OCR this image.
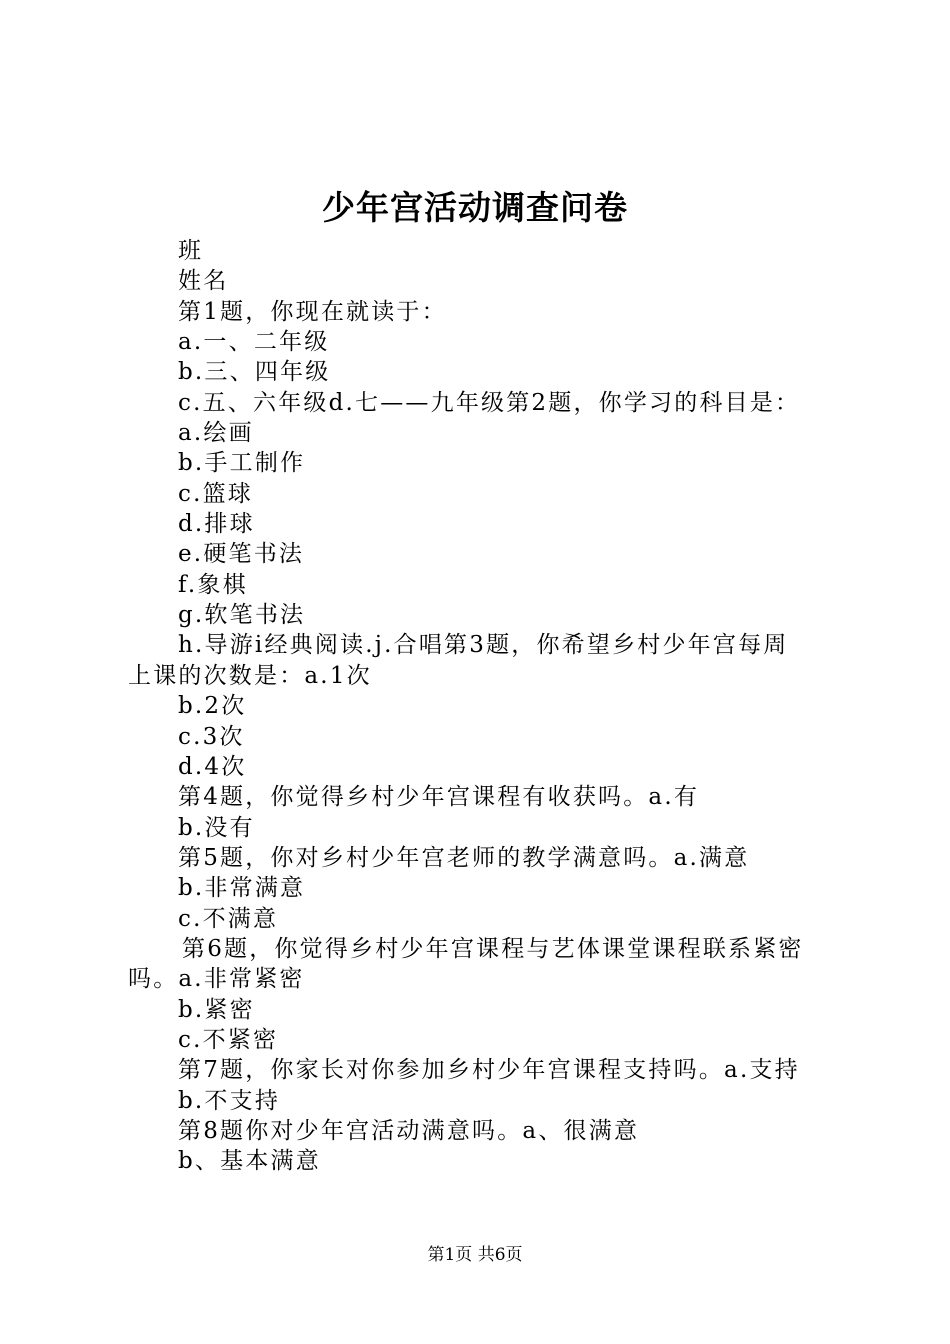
少年宫活动调查问卷
班
姓名
第1题，你现在就读于：
a.一、二年级
b.三、四年级
c.五、六年级d.七——九年级第2题，你学习的科目是：
a.绘画
b.手工制作
c.篮球
d.排球
e.硬笔书法
f.象棋
g.软笔书法
h.导游i经典阅读.j.合唱第3题，你希望乡村少年宫每周
上课的次数是：a.1次
b.2次
c.3次
d.4次
第4题，你觉得乡村少年宫课程有收获吗。a.有
b.没有
第5题，你对乡村少年宫老师的教学满意吗。a.满意
b.非常满意
c.不满意
第6题，你觉得乡村少年宫课程与艺体课堂课程联系紧密
吗。a.非常紧密
b.紧密
c.不紧密
第7题，你家长对你参加乡村少年宫课程支持吗。a.支持
b.不支持
第8题你对少年宫活动满意吗。a、很满意
b、基本满意
第1页 共6页
